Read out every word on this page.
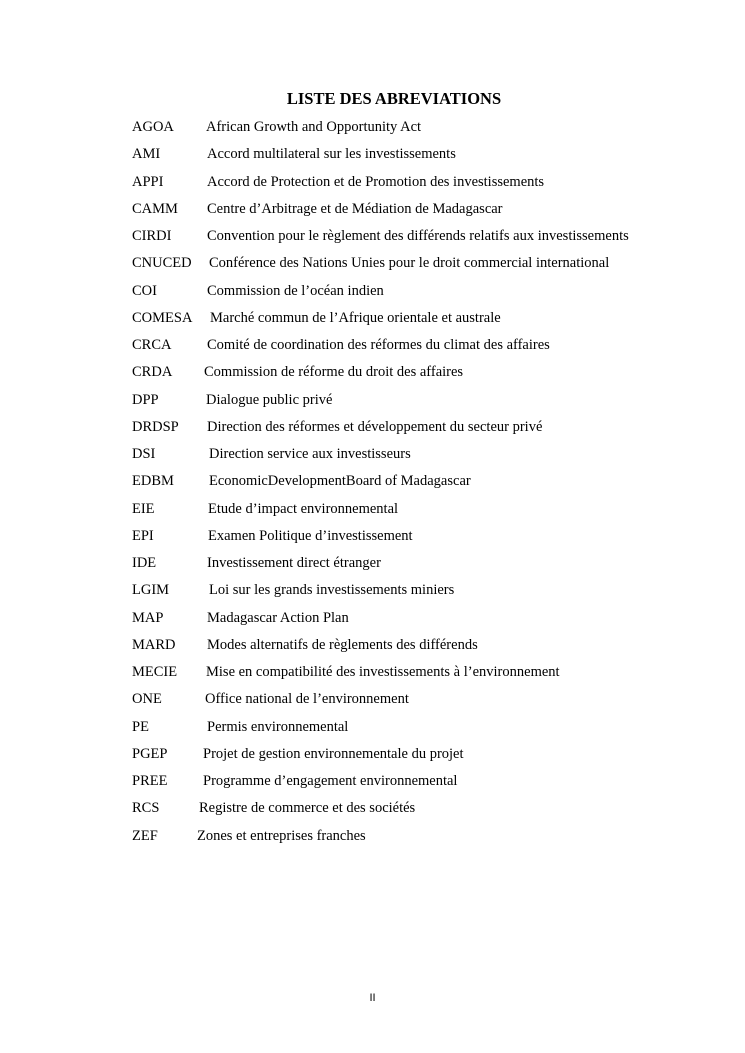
LISTE DES ABREVIATIONS
AGOA African Growth and Opportunity Act
AMI	Accord multilateral sur les investissements
APPI	Accord de Protection et de Promotion des investissements
CAMM Centre d’Arbitrage et de Médiation de Madagascar
CIRDI Convention pour le règlement des différends relatifs aux investissements
CNUCED Conférence des Nations Unies pour le droit commercial international
COI	Commission de l’océan indien
COMESA Marché commun de l’Afrique orientale et australe
CRCA Comité de coordination des réformes du climat des affaires
CRDA Commission de réforme du droit des affaires
DPP	Dialogue public privé
DRDSP Direction des réformes et développement du secteur privé
DSI	Direction service aux investisseurs
EDBM EconomicDevelopmentBoard of Madagascar
EIE	Etude d’impact environnemental
EPI	Examen Politique d’investissement
IDE	Investissement direct étranger
LGIM	Loi sur les grands investissements miniers
MAP	Madagascar Action Plan
MARD Modes alternatifs de règlements des différends
MECIE Mise en compatibilité des investissements à l’environnement
ONE	Office national de l’environnement
PE	Permis environnemental
PGEP Projet de gestion environnementale du projet
PREE Programme d’engagement environnemental
RCS	Registre de commerce et des sociétés
ZEF	Zones et entreprises franches
II
